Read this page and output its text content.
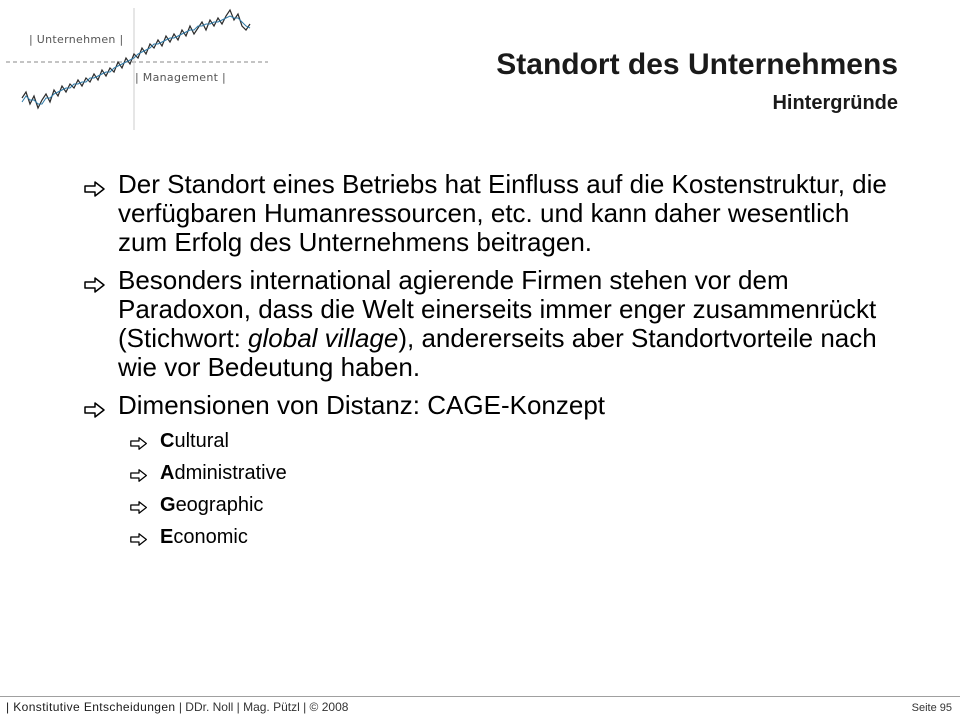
| Unternehmen |
| Management |	Standort des Unternehmens
Hintergründe
Der Standort eines Betriebs hat Einfluss auf die Kostenstruktur, die verfügbaren Humanressourcen, etc. und kann daher wesentlich zum Erfolg des Unternehmens beitragen.
Besonders international agierende Firmen stehen vor dem Paradoxon, dass die Welt einerseits immer enger zusammenrückt (Stichwort: global village), andererseits aber Standortvorteile nach wie vor Bedeutung haben.
Dimensionen von Distanz: CAGE-Konzept
Cultural
Administrative
Geographic
Economic
| Konstitutive Entscheidungen | DDr. Noll | Mag. Pützl | © 2008	Seite 95
